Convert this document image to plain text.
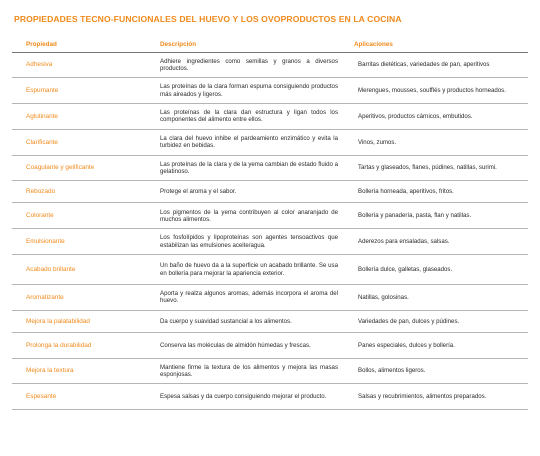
PROPIEDADES TECNO-FUNCIONALES DEL HUEVO Y LOS OVOPRODUCTOS EN LA COCINA
Propiedad	Descripción	Aplicaciones
Adhesiva	Adhiere ingredientes como semillas y granos a diversos productos.	Barritas dietéticas, variedades de pan, aperitivos
Espumante	Las proteínas de la clara forman espuma consiguiendo productos más aireados y ligeros.	Merengues, mousses, soufflés y productos horneados.
Aglutinante	Las proteínas de la clara dan estructura y ligan todos los componentes del alimento entre ellos.	Aperitivos, productos cárnicos, embutidos.
Clarificante	La clara del huevo inhibe el pardeamiento enzimático y evita la turbidez en bebidas.	Vinos, zumos.
Coagulante y gelificante	Las proteínas de la clara y de la yema cambian de estado fluido a gelatinoso.	Tartas y glaseados, flanes, púdines, natillas, surimi.
Rebozado	Protege el aroma y el sabor.	Bollería horneada, aperitivos, fritos.
Colorante	Los pigmentos de la yema contribuyen al color anaranjado de muchos alimentos.	Bollería y panadería, pasta, flan y natillas.
Emulsionante	Los fosfolípidos y lipoproteínas son agentes tensoactivos que estabilizan las emulsiones aceite/agua.	Aderezos para ensaladas, salsas.
Acabado brillante	Un baño de huevo da a la superficie un acabado brillante. Se usa en bollería para mejorar la apariencia exterior.	Bollería dulce, galletas, glaseados.
Aromatizante	Aporta y realza algunos aromas, además incorpora el aroma del huevo.	Natillas, golosinas.
Mejora la palatabilidad	Da cuerpo y suavidad sustancial a los alimentos.	Variedades de pan, dulces y púdines.
Prolonga la durabilidad	Conserva las moléculas de almidón húmedas y frescas.	Panes especiales, dulces y bollería.
Mejora la textura	Mantiene firme la textura de los alimentos y mejora las masas esponjosas.	Bollos, alimentos ligeros.
Espesante	Espesa salsas y da cuerpo consiguiendo mejorar el producto.	Salsas y recubrimientos, alimentos preparados.
